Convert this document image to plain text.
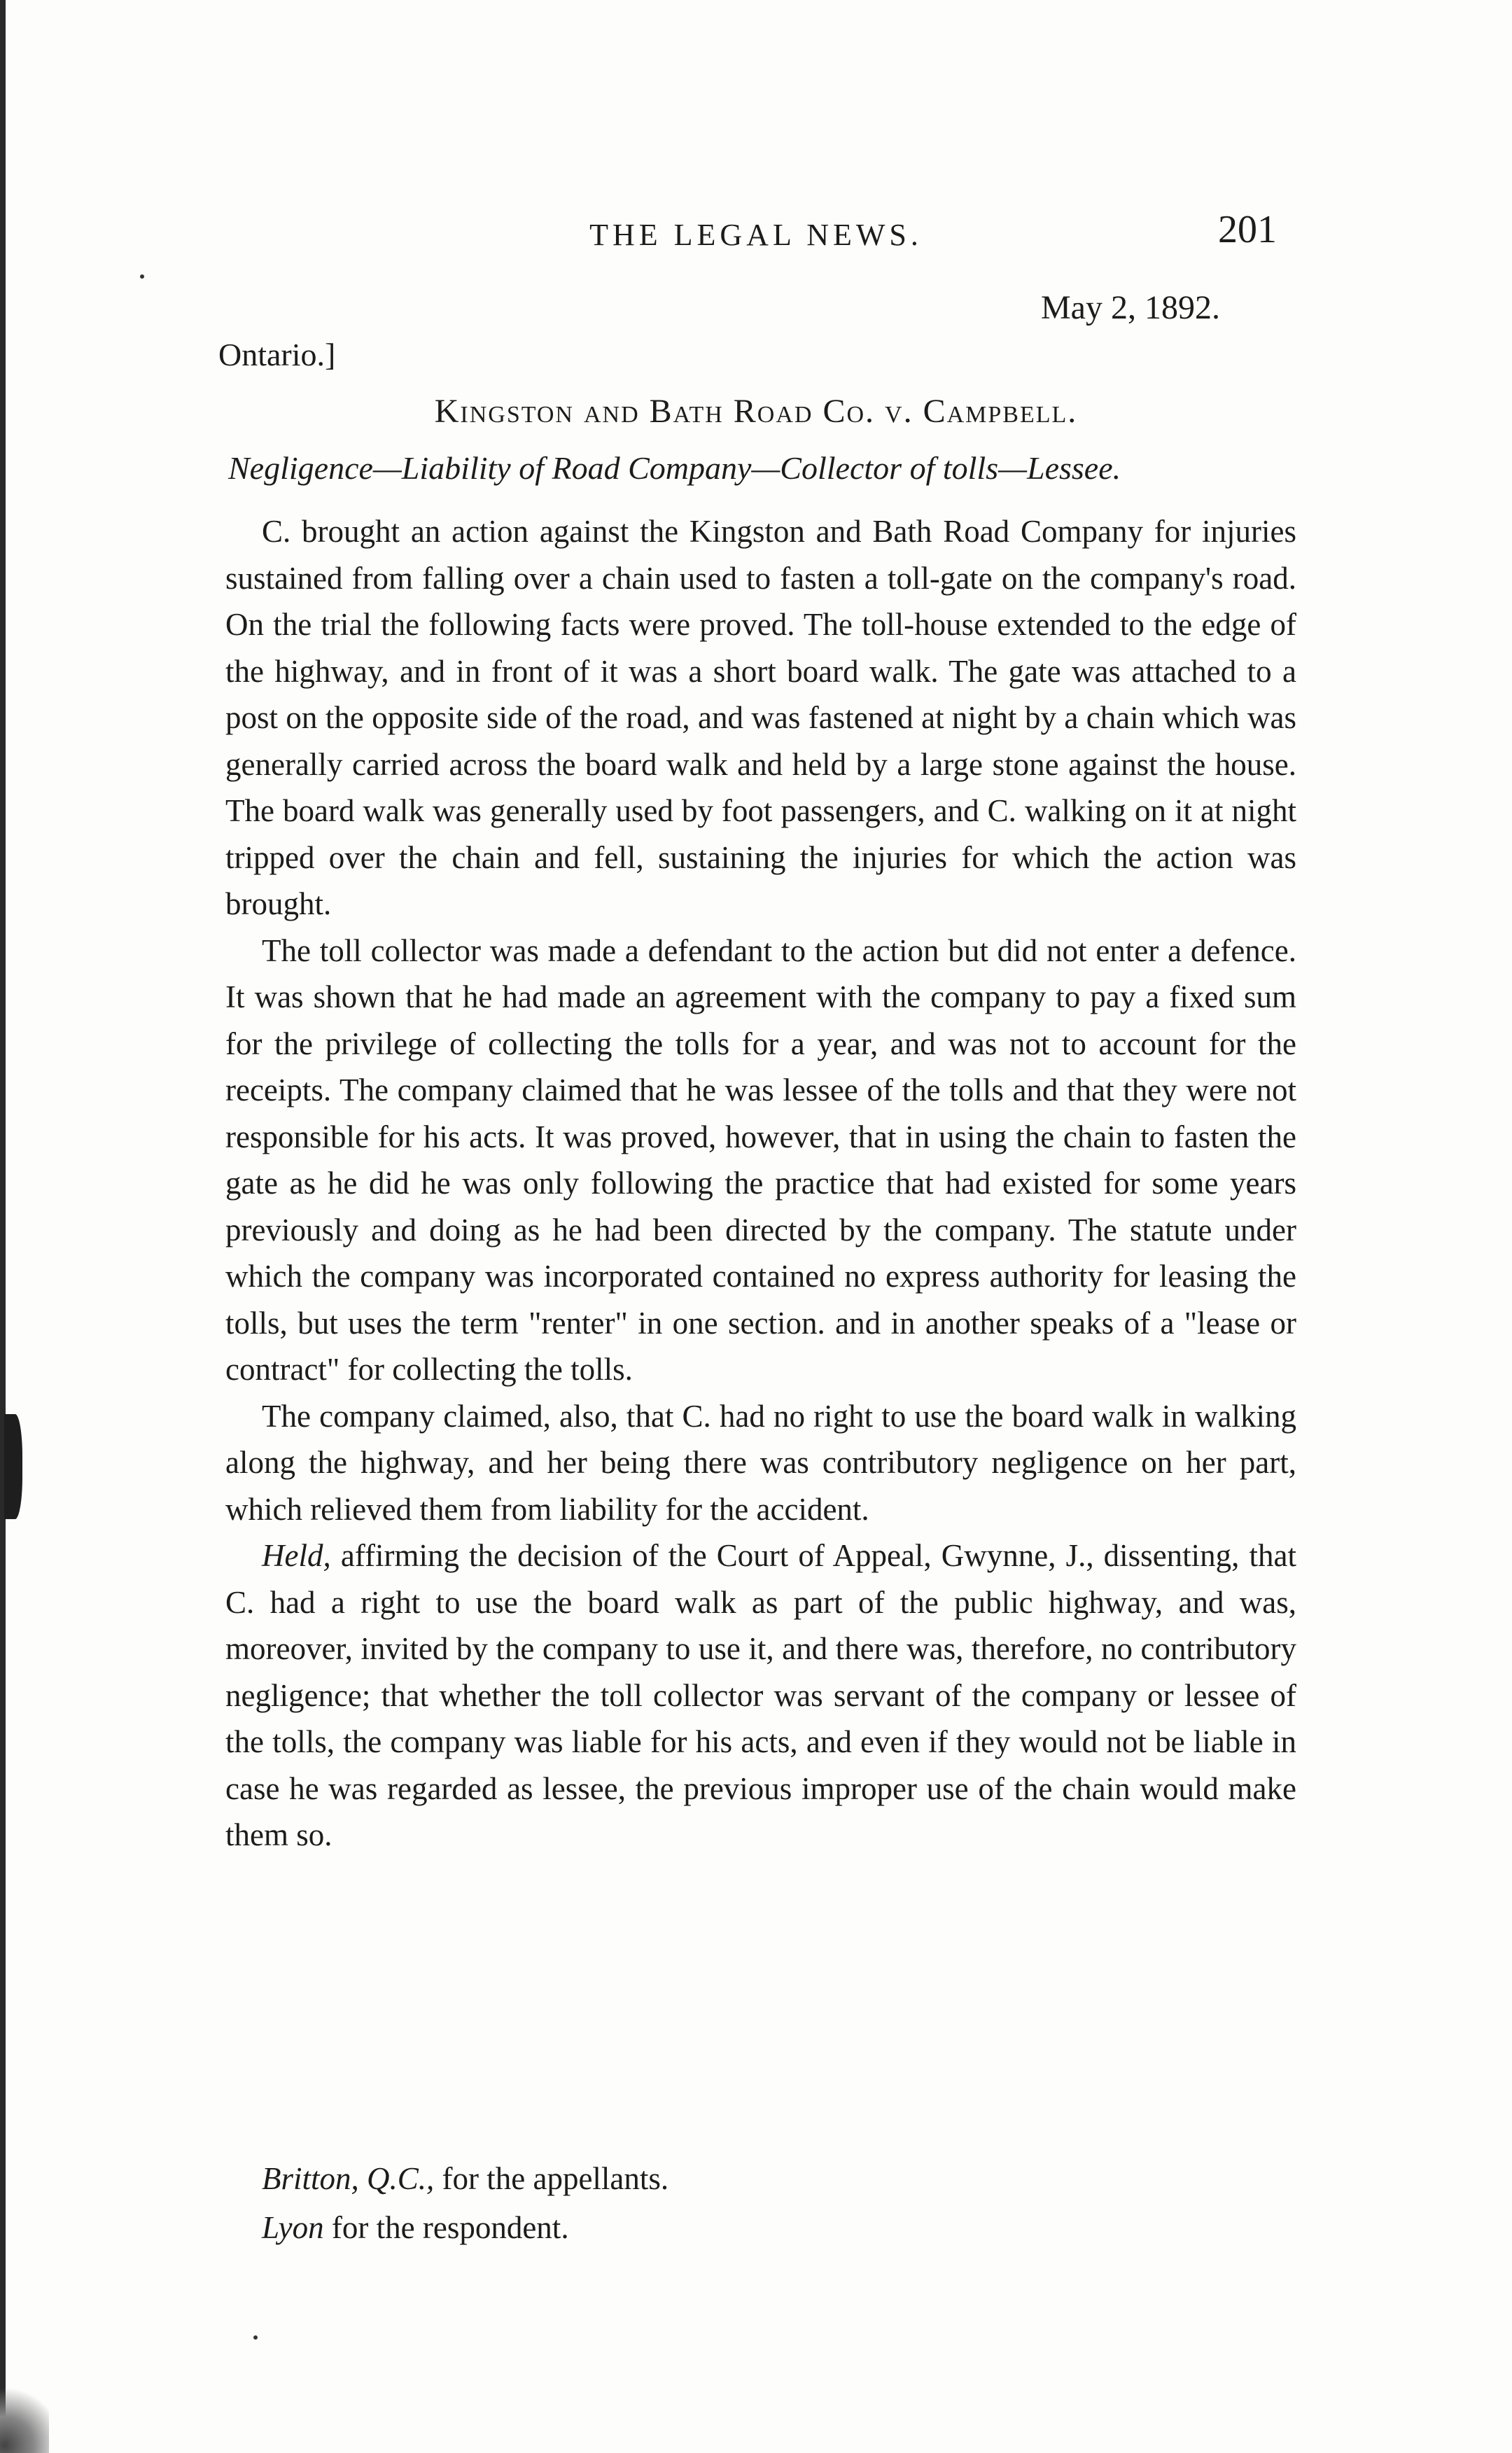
THE LEGAL NEWS.	201
May 2, 1892.
Ontario.]
Kingston and Bath Road Co. v. Campbell.
Negligence—Liability of Road Company—Collector of tolls—Lessee.

C. brought an action against the Kingston and Bath Road Company for injuries sustained from falling over a chain used to fasten a toll-gate on the company's road. On the trial the following facts were proved. The toll-house extended to the edge of the highway, and in front of it was a short board walk. The gate was attached to a post on the opposite side of the road, and was fastened at night by a chain which was generally carried across the board walk and held by a large stone against the house. The board walk was generally used by foot passengers, and C. walking on it at night tripped over the chain and fell, sustaining the injuries for which the action was brought.

The toll collector was made a defendant to the action but did not enter a defence. It was shown that he had made an agreement with the company to pay a fixed sum for the privilege of collecting the tolls for a year, and was not to account for the receipts. The company claimed that he was lessee of the tolls and that they were not responsible for his acts. It was proved, however, that in using the chain to fasten the gate as he did he was only following the practice that had existed for some years previously and doing as he had been directed by the company. The statute under which the company was incorporated contained no express authority for leasing the tolls, but uses the term "renter" in one section. and in another speaks of a "lease or contract" for collecting the tolls.

The company claimed, also, that C. had no right to use the board walk in walking along the highway, and her being there was contributory negligence on her part, which relieved them from liability for the accident.

Held, affirming the decision of the Court of Appeal, Gwynne, J., dissenting, that C. had a right to use the board walk as part of the public highway, and was, moreover, invited by the company to use it, and there was, therefore, no contributory negligence; that whether the toll collector was servant of the company or lessee of the tolls, the company was liable for his acts, and even if they would not be liable in case he was regarded as lessee, the previous improper use of the chain would make them so.

Britton, Q.C., for the appellants.
Lyon for the respondent.
